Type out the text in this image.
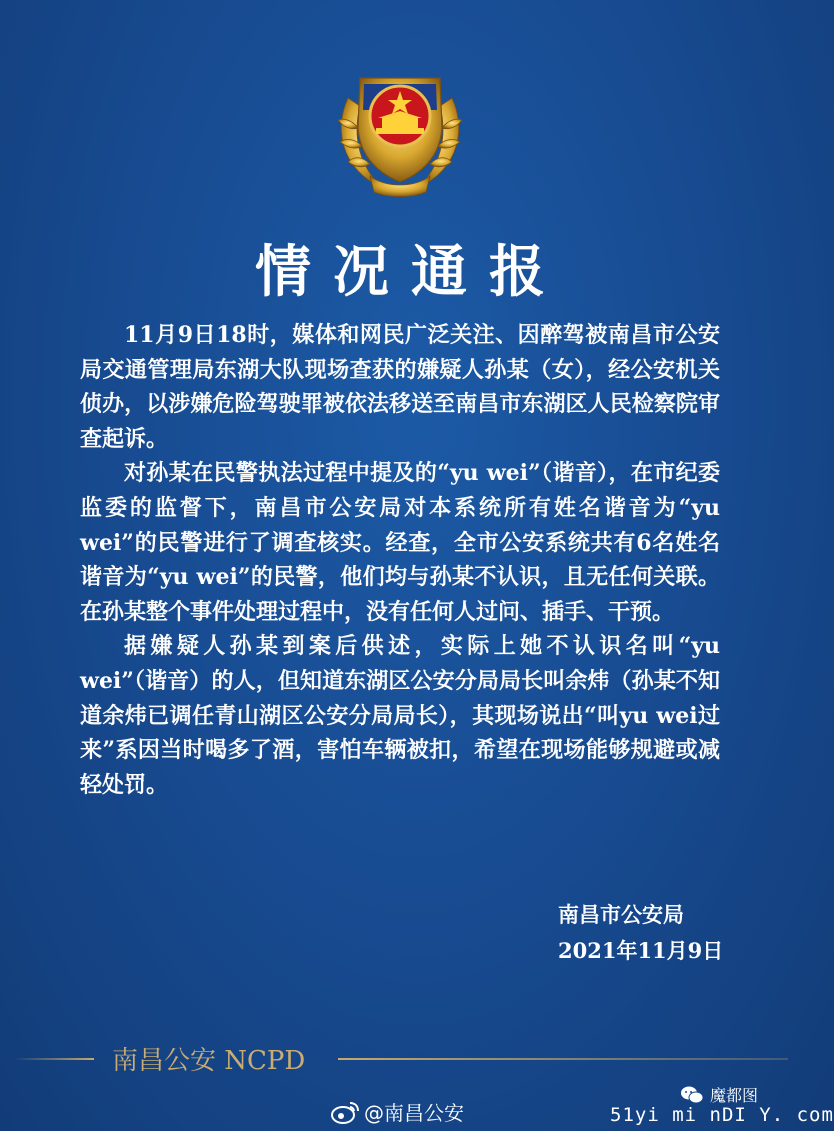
情况通报

11月9日18时，媒体和网民广泛关注、因醉驾被南昌市公安局交通管理局东湖大队现场查获的嫌疑人孙某（女），经公安机关侦办，以涉嫌危险驾驶罪被依法移送至南昌市东湖区人民检察院审查起诉。

对孙某在民警执法过程中提及的“yu wei”（谐音），在市纪委监委的监督下，南昌市公安局对本系统所有姓名谐音为“yu　wei”的民警进行了调查核实。经查，全市公安系统共有6名姓名谐音为“yu wei”的民警，他们均与孙某不认识，且无任何关联。在孙某整个事件处理过程中，没有任何人过问、插手、干预。

据嫌疑人孙某到案后供述，实际上她不认识名叫“yu wei”（谐音）的人，但知道东湖区公安分局局长叫余炜（孙某不知道余炜已调任青山湖区公安分局局长），其现场说出“叫yu wei过来”系因当时喝多了酒，害怕车辆被扣，希望在现场能够规避或减轻处罚。

南昌市公安局
2021年11月9日
南昌公安 NCPD
@南昌公安
魔都图
51yi mi nDI Y. com
